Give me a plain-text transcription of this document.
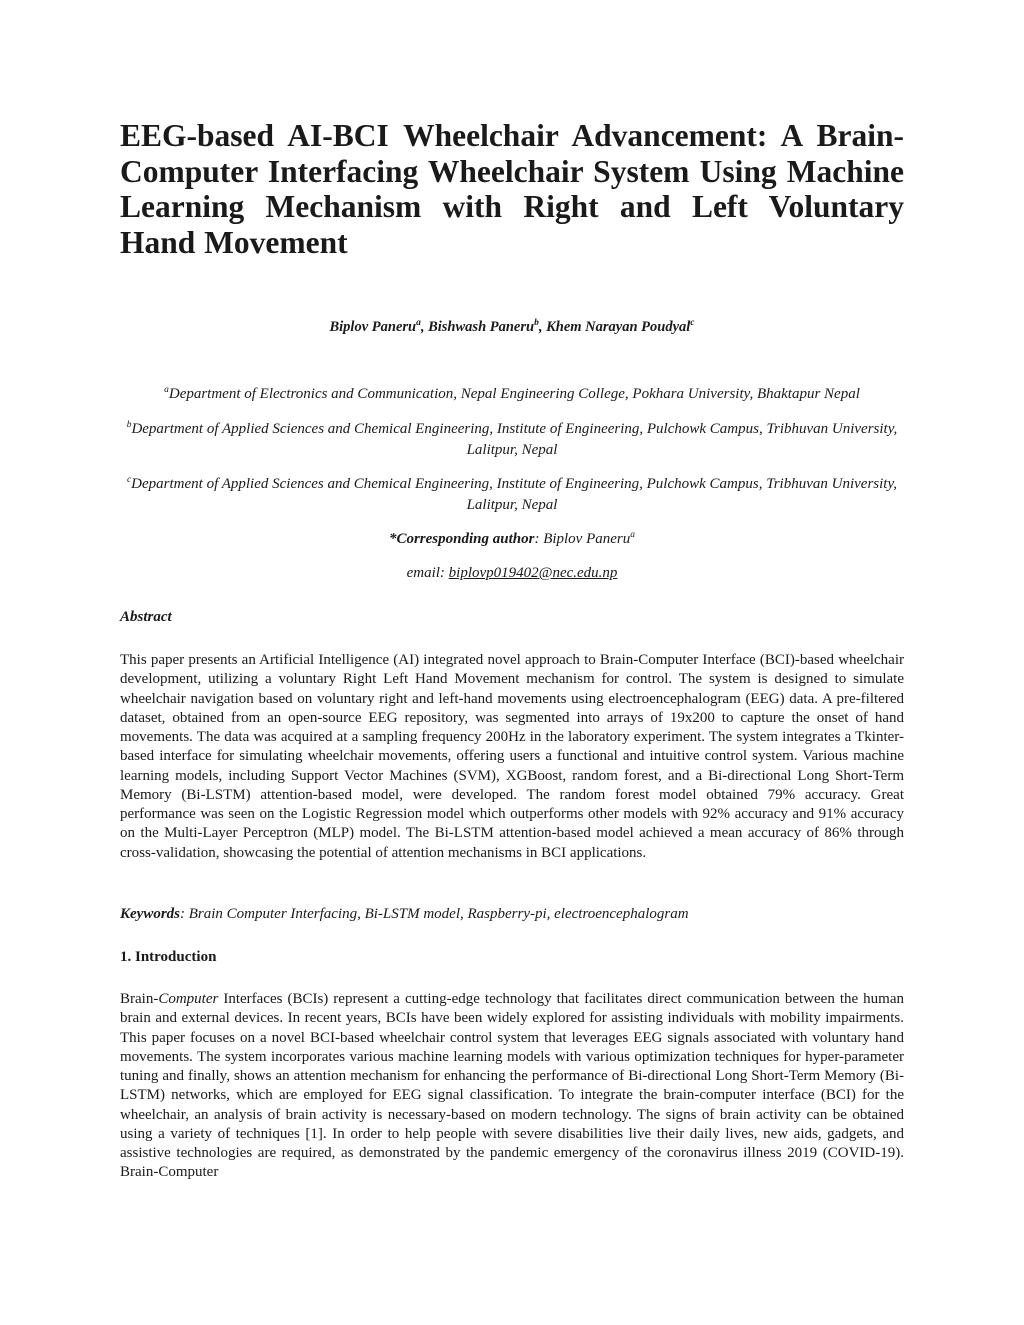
EEG-based AI-BCI Wheelchair Advancement: A Brain-Computer Interfacing Wheelchair System Using Machine Learning Mechanism with Right and Left Voluntary Hand Movement
Biplov Paneru$^a$, Bishwash Paneru$^b$, Khem Narayan Poudyal$^c$
$^a$Department of Electronics and Communication, Nepal Engineering College, Pokhara University, Bhaktapur Nepal
$^b$Department of Applied Sciences and Chemical Engineering, Institute of Engineering, Pulchowk Campus, Tribhuvan University, Lalitpur, Nepal
$^c$Department of Applied Sciences and Chemical Engineering, Institute of Engineering, Pulchowk Campus, Tribhuvan University, Lalitpur, Nepal
*Corresponding author: Biplov Paneru$^a$
email: biplovp019402@nec.edu.np
Abstract

This paper presents an Artificial Intelligence (AI) integrated novel approach to Brain-Computer Interface (BCI)-based wheelchair development, utilizing a voluntary Right Left Hand Movement mechanism for control. The system is designed to simulate wheelchair navigation based on voluntary right and left-hand movements using electroencephalogram (EEG) data. A pre-filtered dataset, obtained from an open-source EEG repository, was segmented into arrays of 19x200 to capture the onset of hand movements. The data was acquired at a sampling frequency 200Hz in the laboratory experiment. The system integrates a Tkinter-based interface for simulating wheelchair movements, offering users a functional and intuitive control system. Various machine learning models, including Support Vector Machines (SVM), XGBoost, random forest, and a Bi-directional Long Short-Term Memory (Bi-LSTM) attention-based model, were developed. The random forest model obtained 79% accuracy. Great performance was seen on the Logistic Regression model which outperforms other models with 92% accuracy and 91% accuracy on the Multi-Layer Perceptron (MLP) model. The Bi-LSTM attention-based model achieved a mean accuracy of 86% through cross-validation, showcasing the potential of attention mechanisms in BCI applications.

Keywords: Brain Computer Interfacing, Bi-LSTM model, Raspberry-pi, electroencephalogram
1. Introduction

Brain-Computer Interfaces (BCIs) represent a cutting-edge technology that facilitates direct communication between the human brain and external devices. In recent years, BCIs have been widely explored for assisting individuals with mobility impairments. This paper focuses on a novel BCI-based wheelchair control system that leverages EEG signals associated with voluntary hand movements. The system incorporates various machine learning models with various optimization techniques for hyper-parameter tuning and finally, shows an attention mechanism for enhancing the performance of Bi-directional Long Short-Term Memory (Bi-LSTM) networks, which are employed for EEG signal classification. To integrate the brain-computer interface (BCI) for the wheelchair, an analysis of brain activity is necessary-based on modern technology. The signs of brain activity can be obtained using a variety of techniques [1]. In order to help people with severe disabilities live their daily lives, new aids, gadgets, and assistive technologies are required, as demonstrated by the pandemic emergency of the coronavirus illness 2019 (COVID-19). Brain-Computer
